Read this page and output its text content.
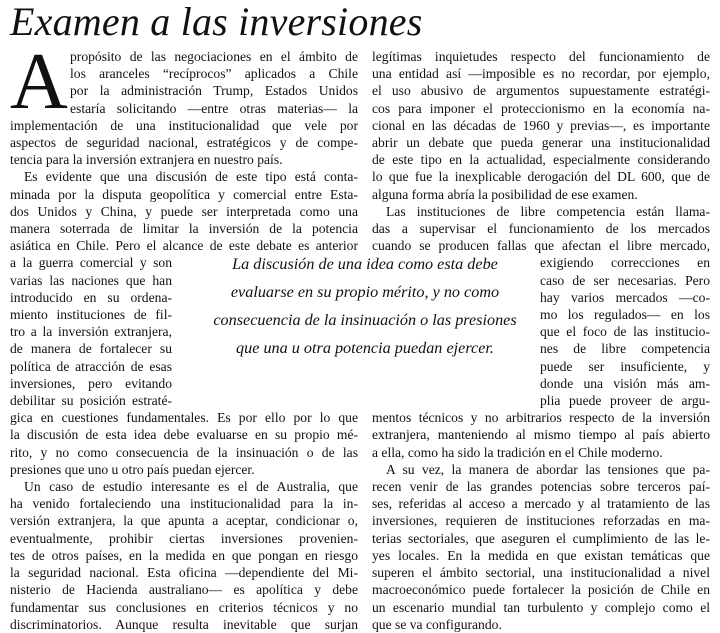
Examen a las inversiones
A propósito de las negociaciones en el ámbito de
los aranceles “recíprocos” aplicados a Chile
por la administración Trump, Estados Unidos
estaría solicitando —entre otras materias— la
implementación de una institucionalidad que vele por
aspectos de seguridad nacional, estratégicos y de compe-
tencia para la inversión extranjera en nuestro país.
Es evidente que una discusión de este tipo está conta-
minada por la disputa geopolítica y comercial entre Esta-
dos Unidos y China, y puede ser interpretada como una
manera soterrada de limitar la inversión de la potencia
asiática en Chile. Pero el alcance de este debate es anterior
a la guerra comercial y son
varias las naciones que han
introducido en su ordena-
miento instituciones de fil-
tro a la inversión extranjera,
de manera de fortalecer su
política de atracción de esas
inversiones, pero evitando
debilitar su posición estraté-
gica en cuestiones fundamentales. Es por ello por lo que
la discusión de esta idea debe evaluarse en su propio mé-
rito, y no como consecuencia de la insinuación o de las
presiones que uno u otro país puedan ejercer.
Un caso de estudio interesante es el de Australia, que
ha venido fortaleciendo una institucionalidad para la in-
versión extranjera, la que apunta a aceptar, condicionar o,
eventualmente, prohibir ciertas inversiones provenien-
tes de otros países, en la medida en que pongan en riesgo
la seguridad nacional. Esta oficina —dependiente del Mi-
nisterio de Hacienda australiano— es apolítica y debe
fundamentar sus conclusiones en criterios técnicos y no
discriminatorios. Aunque resulta inevitable que surjan
legítimas inquietudes respecto del funcionamiento de
una entidad así —imposible es no recordar, por ejemplo,
el uso abusivo de argumentos supuestamente estratégi-
cos para imponer el proteccionismo en la economía na-
cional en las décadas de 1960 y previas—, es importante
abrir un debate que pueda generar una institucionalidad
de este tipo en la actualidad, especialmente considerando
lo que fue la inexplicable derogación del DL 600, que de
alguna forma abría la posibilidad de ese examen.
Las instituciones de libre competencia están llama-
das a supervisar el funcionamiento de los mercados
cuando se producen fallas que afectan el libre mercado,
exigiendo correcciones en
caso de ser necesarias. Pero
hay varios mercados —co-
mo los regulados— en los
que el foco de las institucio-
nes de libre competencia
puede ser insuficiente, y
donde una visión más am-
plia puede proveer de argu-
mentos técnicos y no arbitrarios respecto de la inversión
extranjera, manteniendo al mismo tiempo al país abierto
a ella, como ha sido la tradición en el Chile moderno.
A su vez, la manera de abordar las tensiones que pa-
recen venir de las grandes potencias sobre terceros paí-
ses, referidas al acceso a mercado y al tratamiento de las
inversiones, requieren de instituciones reforzadas en ma-
terias sectoriales, que aseguren el cumplimiento de las le-
yes locales. En la medida en que existan temáticas que
superen el ámbito sectorial, una institucionalidad a nivel
macroeconómico puede fortalecer la posición de Chile en
un escenario mundial tan turbulento y complejo como el
que se va configurando.
La discusión de una idea como esta debe
evaluarse en su propio mérito, y no como
consecuencia de la insinuación o las presiones
que una u otra potencia puedan ejercer.
